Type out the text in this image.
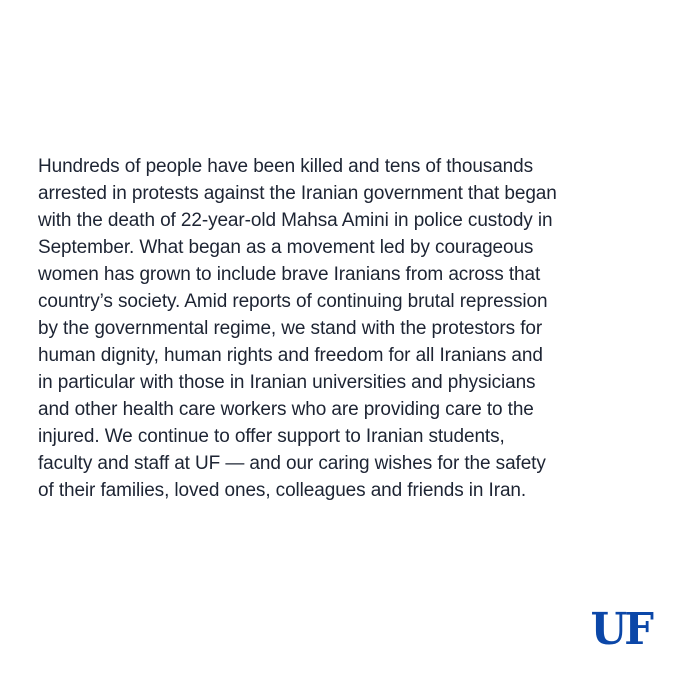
Hundreds of people have been killed and tens of thousands
arrested in protests against the Iranian government that began
with the death of 22-year-old Mahsa Amini in police custody in
September. What began as a movement led by courageous
women has grown to include brave Iranians from across that
country’s society. Amid reports of continuing brutal repression
by the governmental regime, we stand with the protestors for
human dignity, human rights and freedom for all Iranians and
in particular with those in Iranian universities and physicians
and other health care workers who are providing care to the
injured. We continue to offer support to Iranian students,
faculty and staff at UF — and our caring wishes for the safety
of their families, loved ones, colleagues and friends in Iran.

UF
